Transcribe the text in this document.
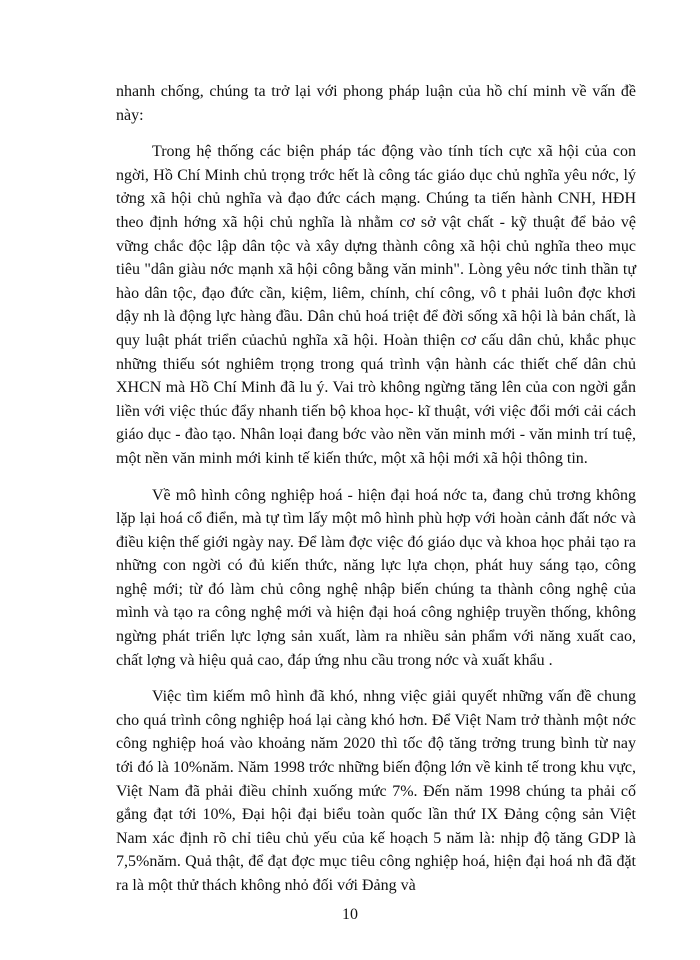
nhanh chống, chúng ta trở lại với phong pháp luận của hồ chí minh về vấn đề này:

Trong hệ thống các biện pháp tác động vào tính tích cực xã hội của con ngời, Hồ Chí Minh chủ trọng trớc hết là công tác giáo dục chủ nghĩa yêu nớc, lý tởng xã hội chủ nghĩa và đạo đức cách mạng. Chúng ta tiến hành CNH, HĐH theo định hớng xã hội chủ nghĩa là nhằm cơ sở vật chất - kỹ thuật để bảo vệ vững chắc độc lập dân tộc và xây dựng thành công xã hội chủ nghĩa theo mục tiêu "dân giàu nớc mạnh xã hội công bằng văn minh". Lòng yêu nớc tinh thần tự hào dân tộc, đạo đức cần, kiệm, liêm, chính, chí công, vô t phải luôn đợc khơi dậy nh là động lực hàng đầu. Dân chủ hoá triệt để đời sống xã hội là bản chất, là quy luật phát triển củachủ nghĩa xã hội. Hoàn thiện cơ cấu dân chủ, khắc phục những thiếu sót nghiêm trọng trong quá trình vận hành các thiết chế dân chủ XHCN mà Hồ Chí Minh đã lu ý. Vai trò không ngừng tăng lên của con ngời gắn liền với việc thúc đẩy nhanh tiến bộ khoa học- kĩ thuật, với việc đổi mới cải cách giáo dục - đào tạo. Nhân loại đang bớc vào nền văn minh mới - văn minh trí tuệ, một nền văn minh mới kinh tế kiến thức, một xã hội mới xã hội thông tin.

Về mô hình công nghiệp hoá - hiện đại hoá nớc ta, đang chủ trơng không lặp lại hoá cổ điển, mà tự tìm lấy một mô hình phù hợp với hoàn cảnh đất nớc và điều kiện thế giới ngày nay. Để làm đợc việc đó giáo dục và khoa học phải tạo ra những con ngời có đủ kiến thức, năng lực lựa chọn, phát huy sáng tạo, công nghệ mới; từ đó làm chủ công nghệ nhập biến chúng ta thành công nghệ của mình và tạo ra công nghệ mới và hiện đại hoá công nghiệp truyền thống, không ngừng phát triển lực lợng sản xuất, làm ra nhiều sản phẩm với năng xuất cao, chất lợng và hiệu quả cao, đáp ứng nhu cầu trong nớc và xuất khẩu .

Việc tìm kiếm mô hình đã khó, nhng việc giải quyết những vấn đề chung cho quá trình công nghiệp hoá lại càng khó hơn. Để Việt Nam trở thành một nớc công nghiệp hoá vào khoảng năm 2020 thì tốc độ tăng trởng trung bình từ nay tới đó là 10%năm. Năm 1998 trớc những biến động lớn về kinh tế trong khu vực, Việt Nam đã phải điều chỉnh xuống mức 7%. Đến năm 1998 chúng ta phải cố gắng đạt tới 10%, Đại hội đại biểu toàn quốc lần thứ IX Đảng cộng sản Việt Nam xác định rõ chỉ tiêu chủ yếu của kế hoạch 5 năm là: nhịp độ tăng GDP là 7,5%năm. Quả thật, để đạt đợc mục tiêu công nghiệp hoá, hiện đại hoá nh đã đặt ra là một thử thách không nhỏ đối với Đảng và

10
